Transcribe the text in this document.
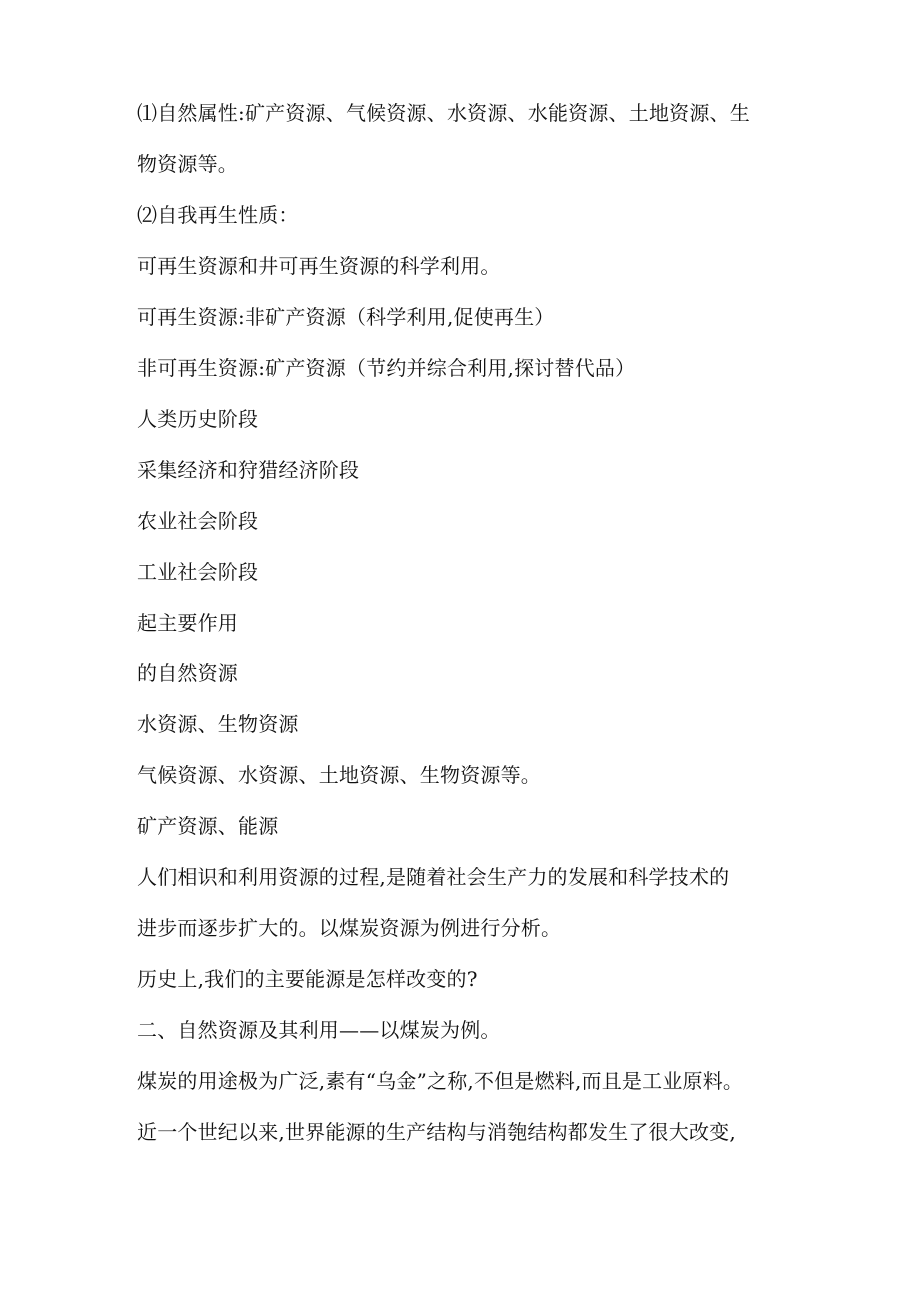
⑴自然属性:矿产资源、气候资源、水资源、水能资源、土地资源、生
物资源等。
⑵自我再生性质：
可再生资源和井可再生资源的科学利用。
可再生资源:非矿产资源（科学利用,促使再生）
非可再生资源:矿产资源（节约并综合利用,探讨替代品）
人类历史阶段
采集经济和狩猎经济阶段
农业社会阶段
工业社会阶段
起主要作用
的自然资源
水资源、生物资源
气候资源、水资源、土地资源、生物资源等。
矿产资源、能源
人们相识和利用资源的过程,是随着社会生产力的发展和科学技术的
进步而逐步扩大的。以煤炭资源为例进行分析。
历史上,我们的主要能源是怎样改变的?
二、自然资源及其利用——以煤炭为例。
煤炭的用途极为广泛,素有“乌金”之称,不但是燃料,而且是工业原料。
近一个世纪以来,世界能源的生产结构与消匏结构都发生了很大改变,
